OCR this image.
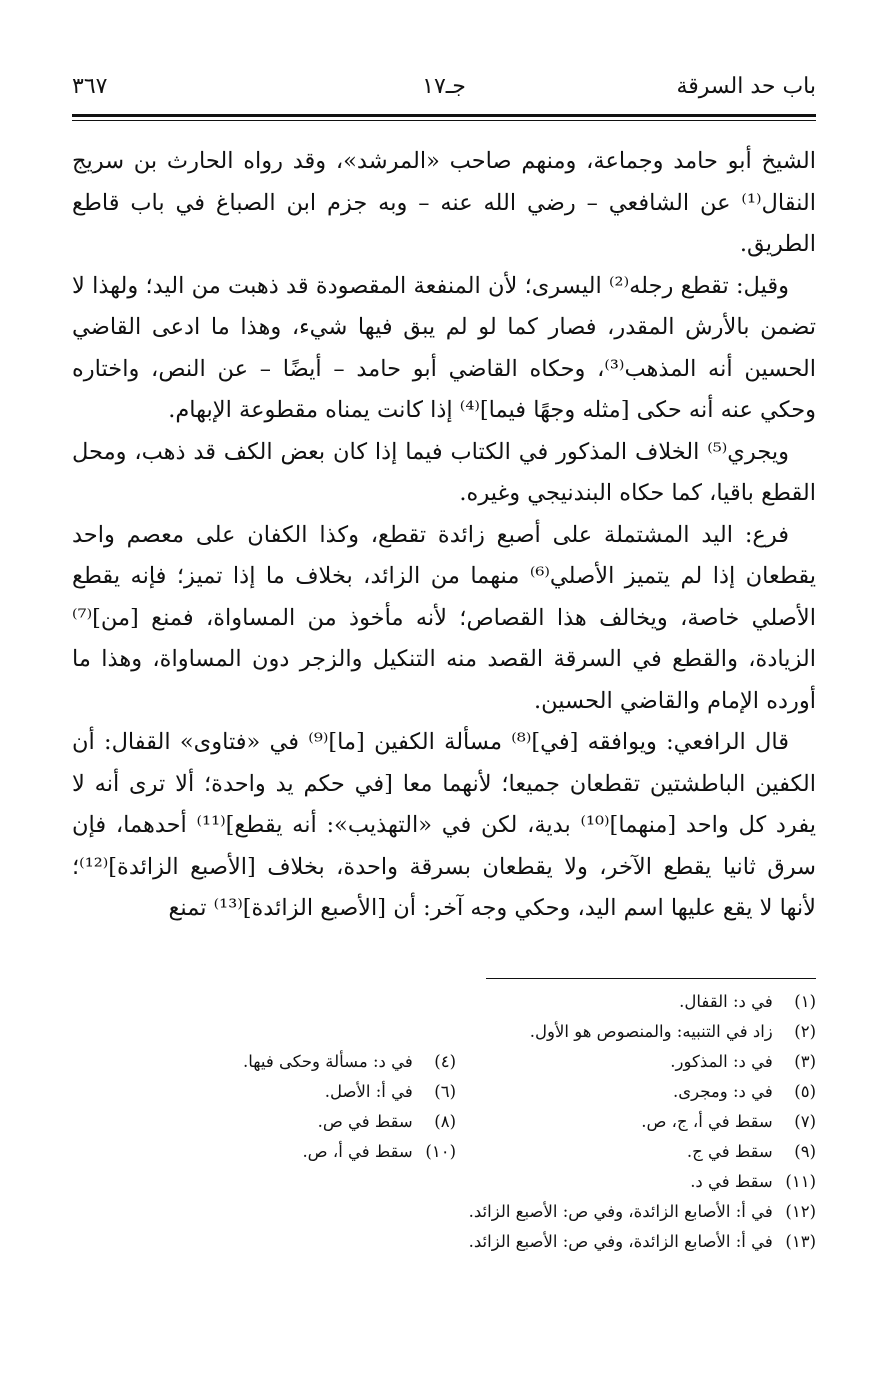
باب حد السرقة
جـ١٧
٣٦٧

الشيخ أبو حامد وجماعة، ومنهم صاحب «المرشد»، وقد رواه الحارث بن سريج النقال⁽¹⁾ عن الشافعي – رضي الله عنه – وبه جزم ابن الصباغ في باب قاطع الطريق.

وقيل: تقطع رجله⁽²⁾ اليسرى؛ لأن المنفعة المقصودة قد ذهبت من اليد؛ ولهذا لا تضمن بالأرش المقدر، فصار كما لو لم يبق فيها شيء، وهذا ما ادعى القاضي الحسين أنه المذهب⁽³⁾، وحكاه القاضي أبو حامد – أيضًا – عن النص، واختاره وحكي عنه أنه حكى [مثله وجهًا فيما]⁽⁴⁾ إذا كانت يمناه مقطوعة الإبهام.

ويجري⁽⁵⁾ الخلاف المذكور في الكتاب فيما إذا كان بعض الكف قد ذهب، ومحل القطع باقيا، كما حكاه البندنيجي وغيره.

فرع: اليد المشتملة على أصبع زائدة تقطع، وكذا الكفان على معصم واحد يقطعان إذا لم يتميز الأصلي⁽⁶⁾ منهما من الزائد، بخلاف ما إذا تميز؛ فإنه يقطع الأصلي خاصة، ويخالف هذا القصاص؛ لأنه مأخوذ من المساواة، فمنع [من]⁽⁷⁾ الزيادة، والقطع في السرقة القصد منه التنكيل والزجر دون المساواة، وهذا ما أورده الإمام والقاضي الحسين.

قال الرافعي: ويوافقه [في]⁽⁸⁾ مسألة الكفين [ما]⁽⁹⁾ في «فتاوى» القفال: أن الكفين الباطشتين تقطعان جميعا؛ لأنهما معا [في حكم يد واحدة؛ ألا ترى أنه لا يفرد كل واحد [منهما]⁽¹⁰⁾ بدية، لكن في «التهذيب»: أنه يقطع]⁽¹¹⁾ أحدهما، فإن سرق ثانيا يقطع الآخر، ولا يقطعان بسرقة واحدة، بخلاف [الأصبع الزائدة]⁽¹²⁾؛ لأنها لا يقع عليها اسم اليد، وحكي وجه آخر: أن [الأصبع الزائدة]⁽¹³⁾ تمنع

(١) في د: القفال.
(٢) زاد في التنبيه: والمنصوص هو الأول.
(٣) في د: المذكور.
(٤) في د: مسألة وحكى فيها.
(٥) في د: ومجرى.
(٦) في أ: الأصل.
(٧) سقط في أ، ج، ص.
(٨) سقط في ص.
(٩) سقط في ج.
(١٠) سقط في أ، ص.
(١١) سقط في د.
(١٢) في أ: الأصابع الزائدة، وفي ص: الأصبع الزائد.
(١٣) في أ: الأصابع الزائدة، وفي ص: الأصبع الزائد.
